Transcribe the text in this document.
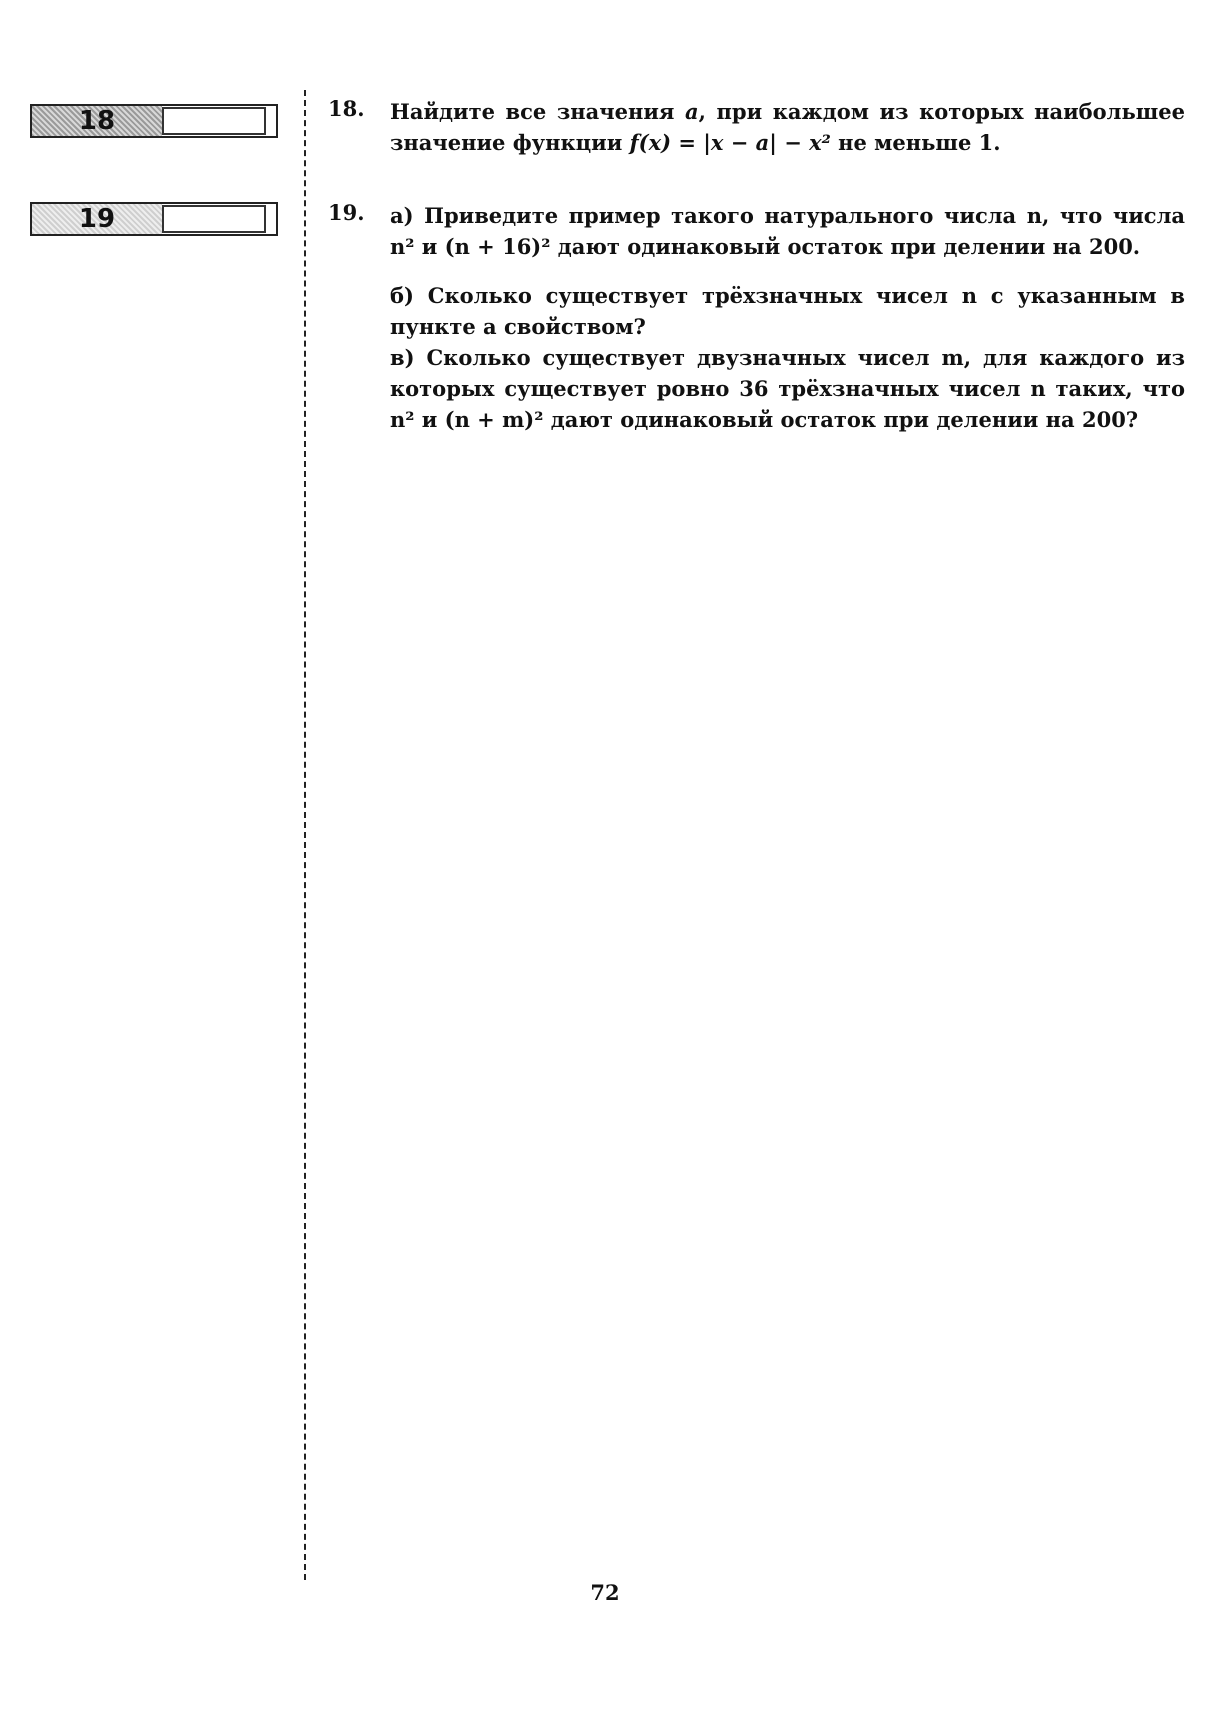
18
19
18. Найдите все значения a, при каждом из которых наибольшее значение функции f(x) = |x − a| − x² не меньше 1.
19. а) Приведите пример такого натурального числа n, что числа n² и (n + 16)² дают одинаковый остаток при делении на 200.
б) Сколько существует трёхзначных чисел n с указанным в пункте a свойством?
в) Сколько существует двузначных чисел m, для каждого из которых существует ровно 36 трёхзначных чисел n таких, что n² и (n + m)² дают одинаковый остаток при делении на 200?
72
